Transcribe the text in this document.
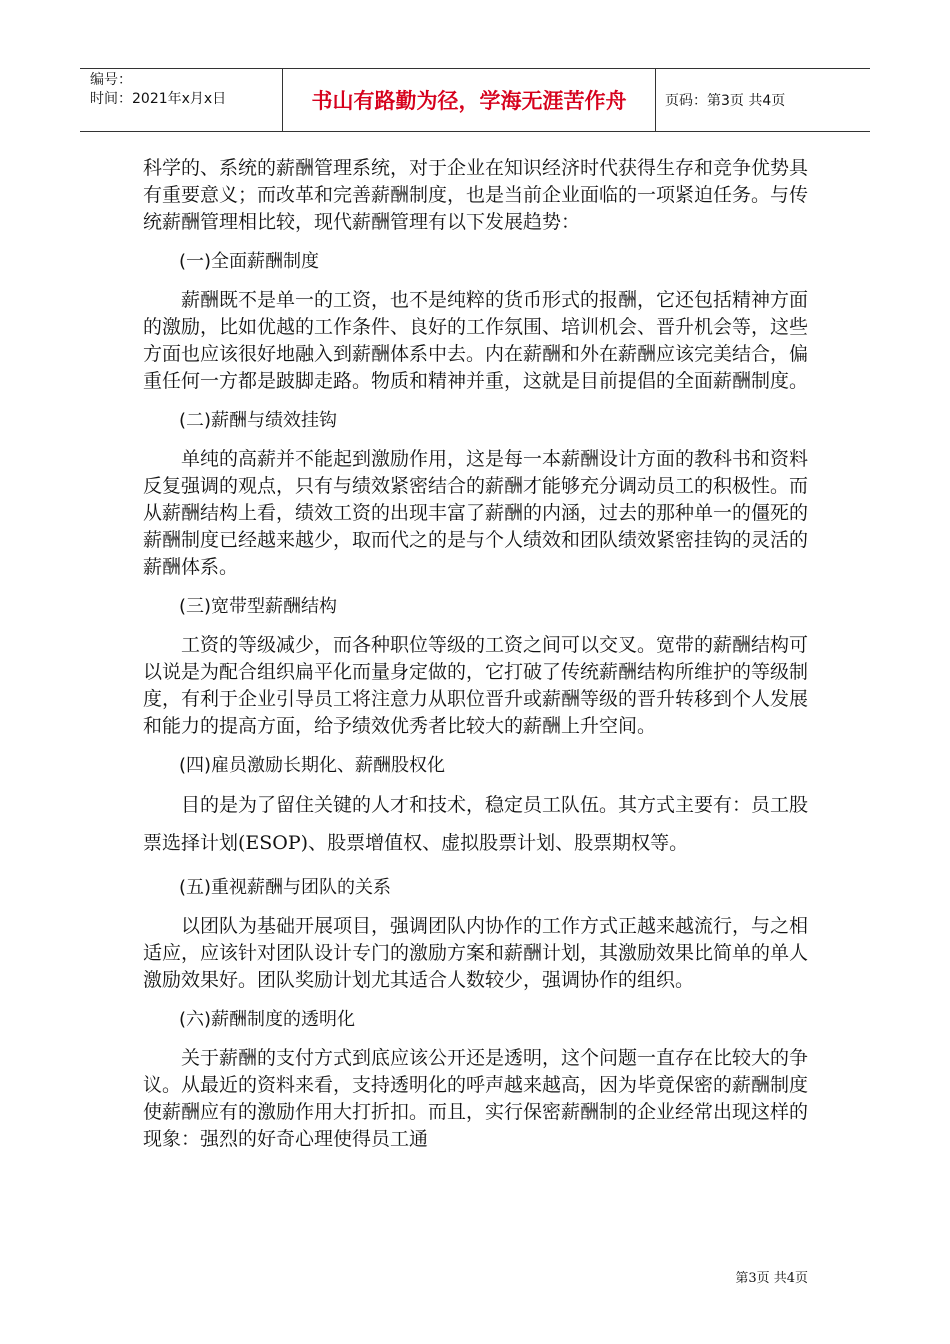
编号：
时间：2021年x月x日	书山有路勤为径，学海无涯苦作舟	页码：第3页 共4页

科学的、系统的薪酬管理系统，对于企业在知识经济时代获得生存和竞争优势具有重要意义；而改革和完善薪酬制度，也是当前企业面临的一项紧迫任务。与传统薪酬管理相比较，现代薪酬管理有以下发展趋势：

(一)全面薪酬制度

薪酬既不是单一的工资，也不是纯粹的货币形式的报酬，它还包括精神方面的激励，比如优越的工作条件、良好的工作氛围、培训机会、晋升机会等，这些方面也应该很好地融入到薪酬体系中去。内在薪酬和外在薪酬应该完美结合，偏重任何一方都是跛脚走路。物质和精神并重，这就是目前提倡的全面薪酬制度。

(二)薪酬与绩效挂钩

单纯的高薪并不能起到激励作用，这是每一本薪酬设计方面的教科书和资料反复强调的观点，只有与绩效紧密结合的薪酬才能够充分调动员工的积极性。而从薪酬结构上看，绩效工资的出现丰富了薪酬的内涵，过去的那种单一的僵死的薪酬制度已经越来越少，取而代之的是与个人绩效和团队绩效紧密挂钩的灵活的薪酬体系。

(三)宽带型薪酬结构

工资的等级减少，而各种职位等级的工资之间可以交叉。宽带的薪酬结构可以说是为配合组织扁平化而量身定做的，它打破了传统薪酬结构所维护的等级制度，有利于企业引导员工将注意力从职位晋升或薪酬等级的晋升转移到个人发展和能力的提高方面，给予绩效优秀者比较大的薪酬上升空间。

(四)雇员激励长期化、薪酬股权化

目的是为了留住关键的人才和技术，稳定员工队伍。其方式主要有：员工股票选择计划(ESOP)、股票增值权、虚拟股票计划、股票期权等。

(五)重视薪酬与团队的关系

以团队为基础开展项目，强调团队内协作的工作方式正越来越流行，与之相适应，应该针对团队设计专门的激励方案和薪酬计划，其激励效果比简单的单人激励效果好。团队奖励计划尤其适合人数较少，强调协作的组织。

(六)薪酬制度的透明化

关于薪酬的支付方式到底应该公开还是透明，这个问题一直存在比较大的争议。从最近的资料来看，支持透明化的呼声越来越高，因为毕竟保密的薪酬制度使薪酬应有的激励作用大打折扣。而且，实行保密薪酬制的企业经常出现这样的现象：强烈的好奇心理使得员工通

第3页 共4页
